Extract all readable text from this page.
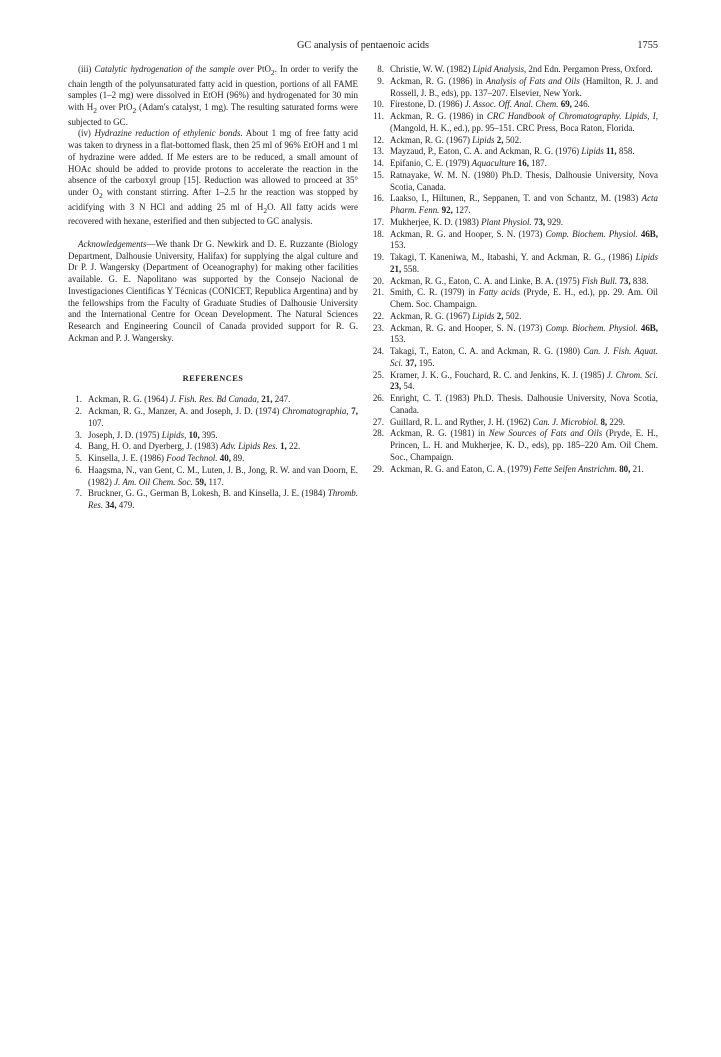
GC analysis of pentaenoic acids	1755

(iii) Catalytic hydrogenation of the sample over PtO$_2$. In order to verify the chain length of the polyunsaturated fatty acid in question, portions of all FAME samples (1–2 mg) were dissolved in EtOH (96%) and hydrogenated for 30 min with $H_2$ over PtO$_2$ (Adam's catalyst, 1 mg). The resulting saturated forms were subjected to GC.

(iv) Hydrazine reduction of ethylenic bonds. About 1 mg of free fatty acid was taken to dryness in a flat-bottomed flask, then 25 ml of 96% EtOH and 1 ml of hydrazine were added. If Me esters are to be reduced, a small amount of HOAc should be added to provide protons to accelerate the reaction in the absence of the carboxyl group [15]. Reduction was allowed to proceed at 35° under $O_2$ with constant stirring. After 1–2.5 hr the reaction was stopped by acidifying with 3 N HCl and adding 25 ml of $H_2O$. All fatty acids were recovered with hexane, esterified and then subjected to GC analysis.

Acknowledgements—We thank Dr G. Newkirk and D. E. Ruzzante (Biology Department, Dalhousie University, Halifax) for supplying the algal culture and Dr P. J. Wangersky (Department of Oceanography) for making other facilities available. G. E. Napolitano was supported by the Consejo Nacional de Investigaciones Cientificas Y Técnicas (CONICET, Republica Argentina) and by the fellowships from the Faculty of Graduate Studies of Dalhousie University and the International Centre for Ocean Development. The Natural Sciences Research and Engineering Council of Canada provided support for R. G. Ackman and P. J. Wangersky.

REFERENCES
1. Ackman, R. G. (1964) J. Fish. Res. Bd Canada, 21, 247.
2. Ackman, R. G., Manzer, A. and Joseph, J. D. (1974) Chromatographia, 7, 107.
3. Joseph, J. D. (1975) Lipids, 10, 395.
4. Bang, H. O. and Dyerberg, J. (1983) Adv. Lipids Res. 1, 22.
5. Kinsella, J. E. (1986) Food Technol. 40, 89.
6. Haagsma, N., van Gent, C. M., Luten, J. B., Jong, R. W. and van Doorn, E. (1982) J. Am. Oil Chem. Soc. 59, 117.
7. Bruckner, G. G., German B, Lokesh, B. and Kinsella, J. E. (1984) Thromb. Res. 34, 479.
8. Christie, W. W. (1982) Lipid Analysis, 2nd Edn. Pergamon Press, Oxford.
9. Ackman, R. G. (1986) in Analysis of Fats and Oils (Hamilton, R. J. and Rossell, J. B., eds), pp. 137–207. Elsevier, New York.
10. Firestone, D. (1986) J. Assoc. Off. Anal. Chem. 69, 246.
11. Ackman, R. G. (1986) in CRC Handbook of Chromatography. Lipids, I, (Mangold, H. K., ed.), pp. 95–151. CRC Press, Boca Raton, Florida.
12. Ackman, R. G. (1967) Lipids 2, 502.
13. Mayzaud, P., Eaton, C. A. and Ackman, R. G. (1976) Lipids 11, 858.
14. Epifanio, C. E. (1979) Aquaculture 16, 187.
15. Ratnayake, W. M. N. (1980) Ph.D. Thesis, Dalhousie University, Nova Scotia, Canada.
16. Laakso, I., Hiltunen, R., Seppanen, T. and von Schantz, M. (1983) Acta Pharm. Fenn. 92, 127.
17. Mukherjee, K. D. (1983) Plant Physiol. 73, 929.
18. Ackman, R. G. and Hooper, S. N. (1973) Comp. Biochem. Physiol. 46B, 153.
19. Takagi, T. Kaneniwa, M., Itabashi, Y. and Ackman, R. G., (1986) Lipids 21, 558.
20. Ackman, R. G., Eaton, C. A. and Linke, B. A. (1975) Fish Bull. 73, 838.
21. Smith, C. R. (1979) in Fatty acids (Pryde, E. H., ed.), pp. 29. Am. Oil Chem. Soc. Champaign.
22. Ackman, R. G. (1967) Lipids 2, 502.
23. Ackman, R. G. and Hooper, S. N. (1973) Comp. Biochem. Physiol. 46B, 153.
24. Takagi, T., Eaton, C. A. and Ackman, R. G. (1980) Can. J. Fish. Aquat. Sci. 37, 195.
25. Kramer, J. K. G., Fouchard, R. C. and Jenkins, K. J. (1985) J. Chrom. Sci. 23, 54.
26. Enright, C. T. (1983) Ph.D. Thesis. Dalhousie University, Nova Scotia, Canada.
27. Guillard, R. L. and Ryther, J. H. (1962) Can. J. Microbiol. 8, 229.
28. Ackman, R. G. (1981) in New Sources of Fats and Oils (Pryde, E. H., Princen, L. H. and Mukherjee, K. D., eds), pp. 185–220 Am. Oil Chem. Soc., Champaign.
29. Ackman, R. G. and Eaton, C. A. (1979) Fette Seifen Anstrichm. 80, 21.
